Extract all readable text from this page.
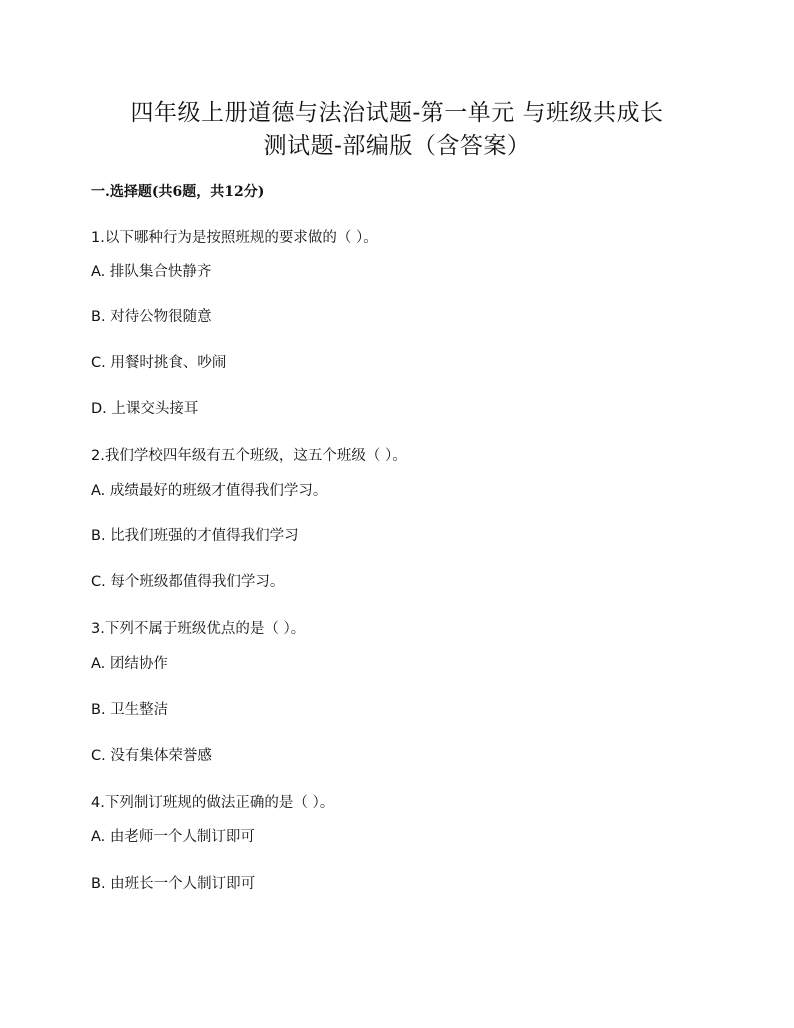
四年级上册道德与法治试题-第一单元 与班级共成长
测试题-部编版（含答案）
一.选择题(共6题，共12分)
1.以下哪种行为是按照班规的要求做的（ ）。
A. 排队集合快静齐
B. 对待公物很随意
C. 用餐时挑食、吵闹
D. 上课交头接耳
2.我们学校四年级有五个班级，这五个班级（ ）。
A. 成绩最好的班级才值得我们学习。
B. 比我们班强的才值得我们学习
C. 每个班级都值得我们学习。
3.下列不属于班级优点的是（ ）。
A. 团结协作
B. 卫生整洁
C. 没有集体荣誉感
4.下列制订班规的做法正确的是（ ）。
A. 由老师一个人制订即可
B. 由班长一个人制订即可
